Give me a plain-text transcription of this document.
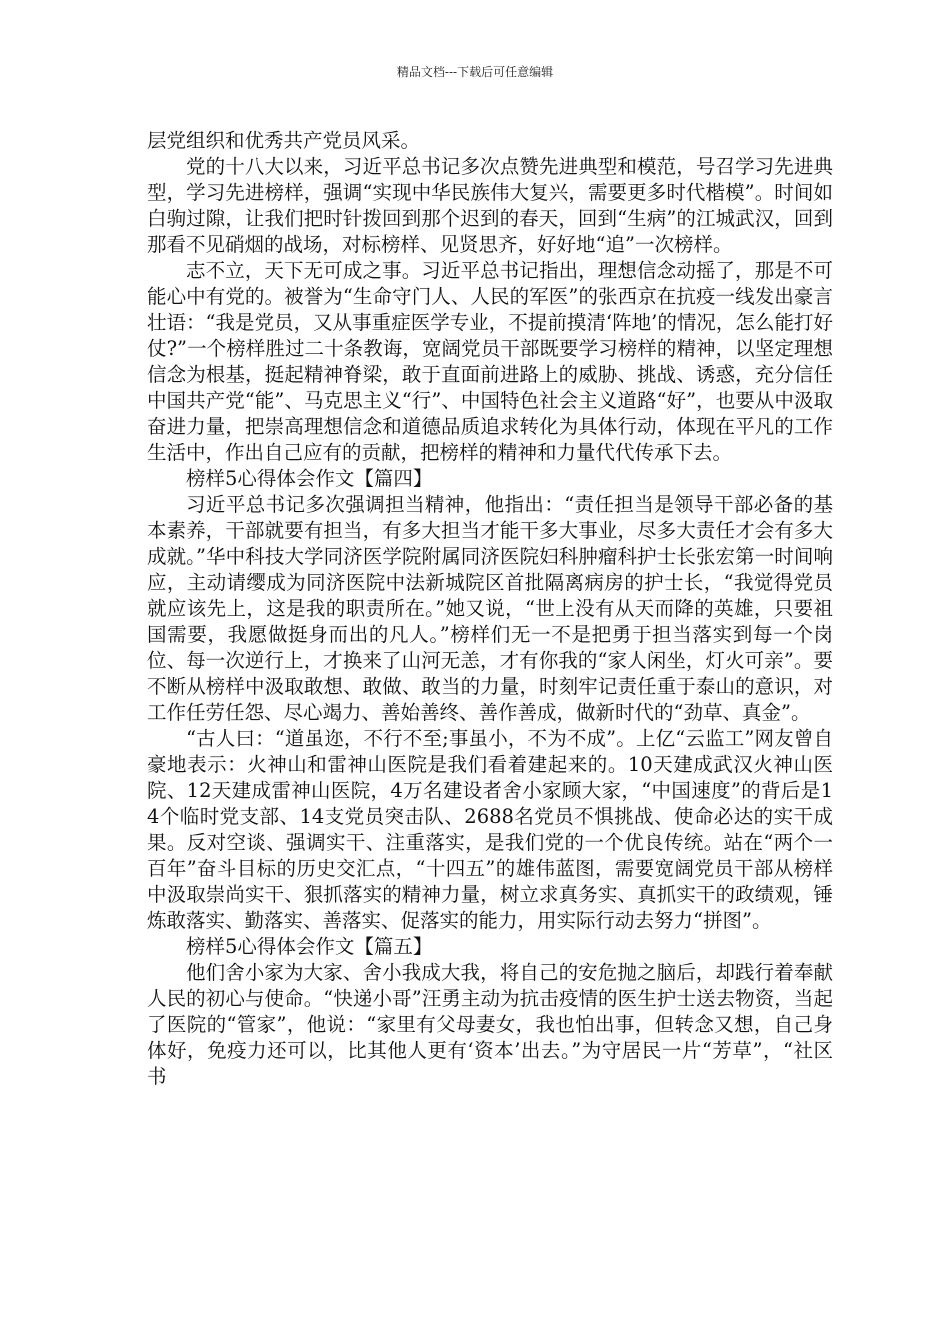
精品文档---下载后可任意编辑

层党组织和优秀共产党员风采。

党的十八大以来，习近平总书记多次点赞先进典型和模范，号召学习先进典型，学习先进榜样，强调“实现中华民族伟大复兴，需要更多时代楷模”。时间如白驹过隙，让我们把时针拨回到那个迟到的春天，回到“生病”的江城武汉，回到那看不见硝烟的战场，对标榜样、见贤思齐，好好地“追”一次榜样。

志不立，天下无可成之事。习近平总书记指出，理想信念动摇了，那是不可能心中有党的。被誉为“生命守门人、人民的军医”的张西京在抗疫一线发出豪言壮语：“我是党员，又从事重症医学专业，不提前摸清‘阵地’的情况，怎么能打好仗?”一个榜样胜过二十条教诲，宽阔党员干部既要学习榜样的精神，以坚定理想信念为根基，挺起精神脊梁，敢于直面前进路上的威胁、挑战、诱惑，充分信任中国共产党“能”、马克思主义“行”、中国特色社会主义道路“好”，也要从中汲取奋进力量，把崇高理想信念和道德品质追求转化为具体行动，体现在平凡的工作生活中，作出自己应有的贡献，把榜样的精神和力量代代传承下去。

榜样5心得体会作文【篇四】

习近平总书记多次强调担当精神，他指出：“责任担当是领导干部必备的基本素养，干部就要有担当，有多大担当才能干多大事业，尽多大责任才会有多大成就。”华中科技大学同济医学院附属同济医院妇科肿瘤科护士长张宏第一时间响应，主动请缨成为同济医院中法新城院区首批隔离病房的护士长，“我觉得党员就应该先上，这是我的职责所在。”她又说，“世上没有从天而降的英雄，只要祖国需要，我愿做挺身而出的凡人。”榜样们无一不是把勇于担当落实到每一个岗位、每一次逆行上，才换来了山河无恙，才有你我的“家人闲坐，灯火可亲”。要不断从榜样中汲取敢想、敢做、敢当的力量，时刻牢记责任重于泰山的意识，对工作任劳任怨、尽心竭力、善始善终、善作善成，做新时代的“劲草、真金”。

“古人曰：“道虽迩，不行不至;事虽小，不为不成”。上亿“云监工”网友曾自豪地表示：火神山和雷神山医院是我们看着建起来的。10天建成武汉火神山医院、12天建成雷神山医院，4万名建设者舍小家顾大家，“中国速度”的背后是14个临时党支部、14支党员突击队、2688名党员不惧挑战、使命必达的实干成果。反对空谈、强调实干、注重落实，是我们党的一个优良传统。站在“两个一百年”奋斗目标的历史交汇点，“十四五”的雄伟蓝图，需要宽阔党员干部从榜样中汲取崇尚实干、狠抓落实的精神力量，树立求真务实、真抓实干的政绩观，锤炼敢落实、勤落实、善落实、促落实的能力，用实际行动去努力“拼图”。

榜样5心得体会作文【篇五】

他们舍小家为大家、舍小我成大我，将自己的安危抛之脑后，却践行着奉献人民的初心与使命。“快递小哥”汪勇主动为抗击疫情的医生护士送去物资，当起了医院的“管家”，他说：“家里有父母妻女，我也怕出事，但转念又想，自己身体好，免疫力还可以，比其他人更有‘资本’出去。”为守居民一片“芳草”，“社区书
